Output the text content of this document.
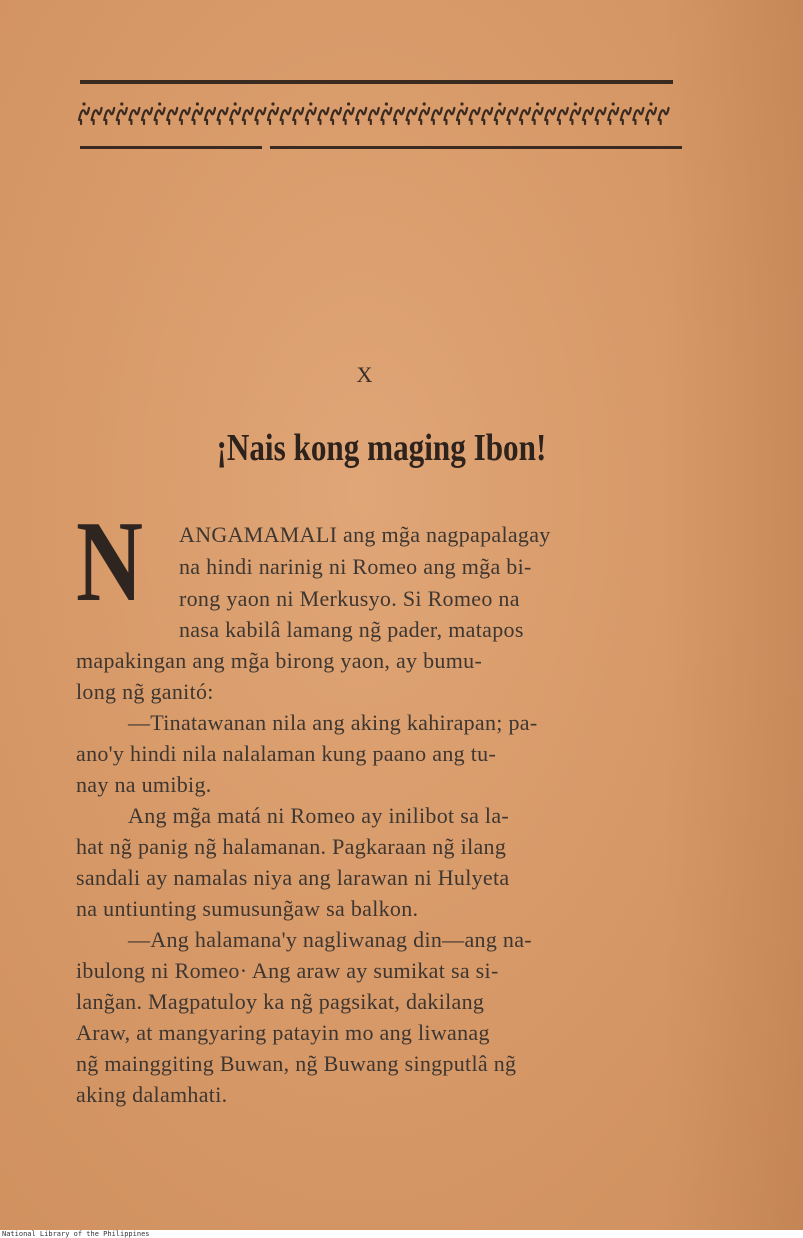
X
¡Nais kong maging Ibon!
N ANGAMAMALI ang mg̃a nagpapalagay
na hindi narinig ni Romeo ang mg̃a bi-
rong yaon ni Merkusyo. Si Romeo na
nasa kabilâ lamang ng̃ pader, matapos
mapakingan ang mg̃a birong yaon, ay bumu-
long ng̃ ganitó:
—Tinatawanan nila ang aking kahirapan; pa-
ano'y hindi nila nalalaman kung paano ang tu-
nay na umibig.
Ang mg̃a matá ni Romeo ay inilibot sa la-
hat ng̃ panig ng̃ halamanan. Pagkaraan ng̃ ilang
sandali ay namalas niya ang larawan ni Hulyeta
na untiunting sumusung̃aw sa balkon.
—Ang halamana'y nagliwanag din—ang na-
ibulong ni Romeo· Ang araw ay sumikat sa si-
lang̃an. Magpatuloy ka ng̃ pagsikat, dakilang
Araw, at mangyaring patayin mo ang liwanag
ng̃ mainggiting Buwan, ng̃ Buwang singputlâ ng̃
aking dalamhati.
National Library of the Philippines
